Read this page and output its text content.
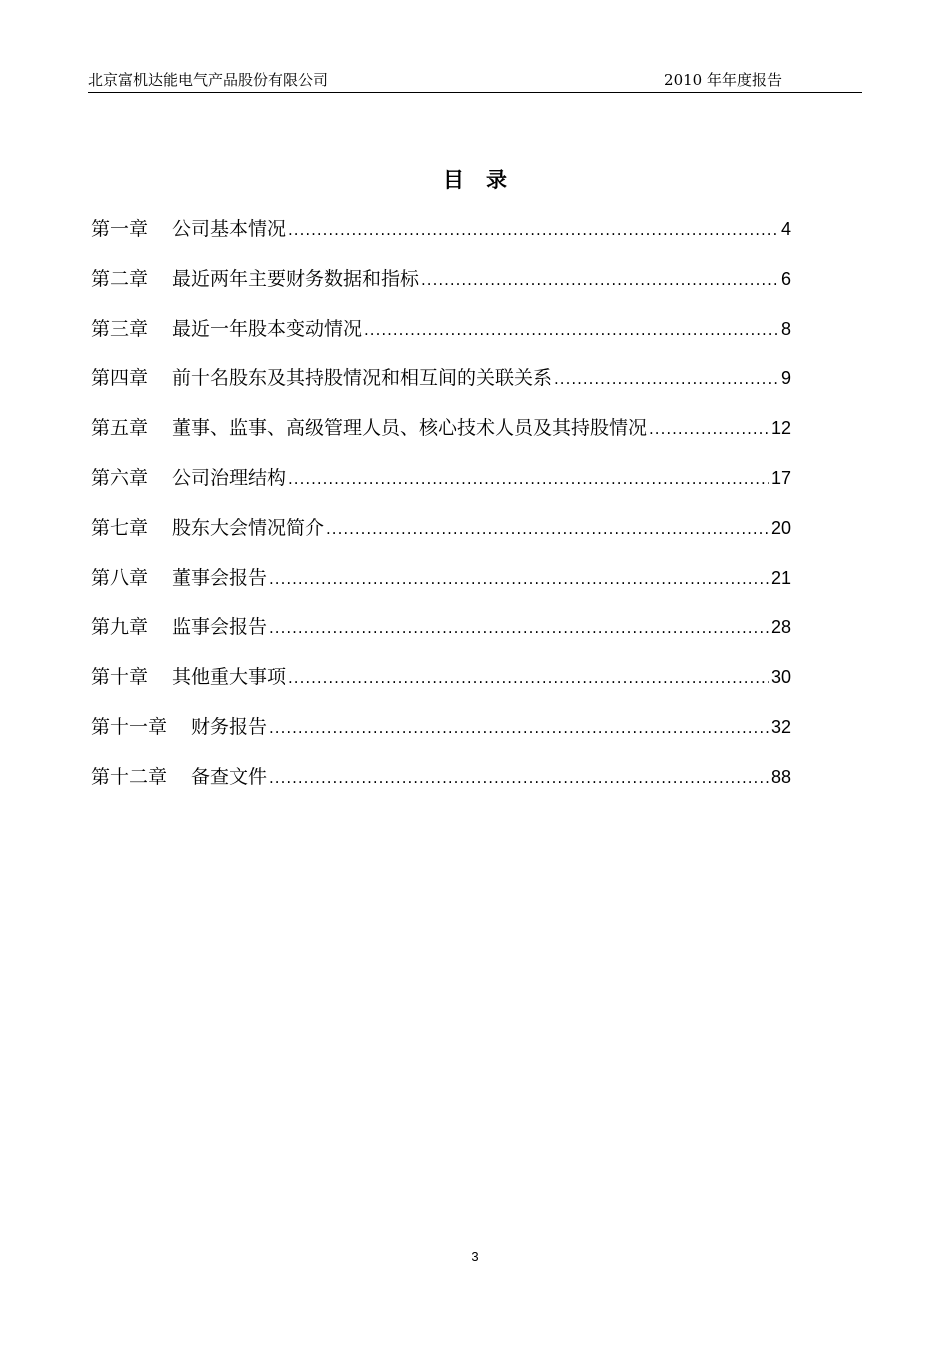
北京富机达能电气产品股份有限公司	2010 年年度报告
目录
第一章	公司基本情况 .....	4
第二章	最近两年主要财务数据和指标 .....	6
第三章	最近一年股本变动情况 .....	8
第四章	前十名股东及其持股情况和相互间的关联关系 .....	9
第五章	董事、监事、高级管理人员、核心技术人员及其持股情况 .....	12
第六章	公司治理结构 .....	17
第七章	股东大会情况简介 .....	20
第八章	董事会报告 .....	21
第九章	监事会报告 .....	28
第十章	其他重大事项 .....	30
第十一章	财务报告 .....	32
第十二章	备查文件 .....	88
3
